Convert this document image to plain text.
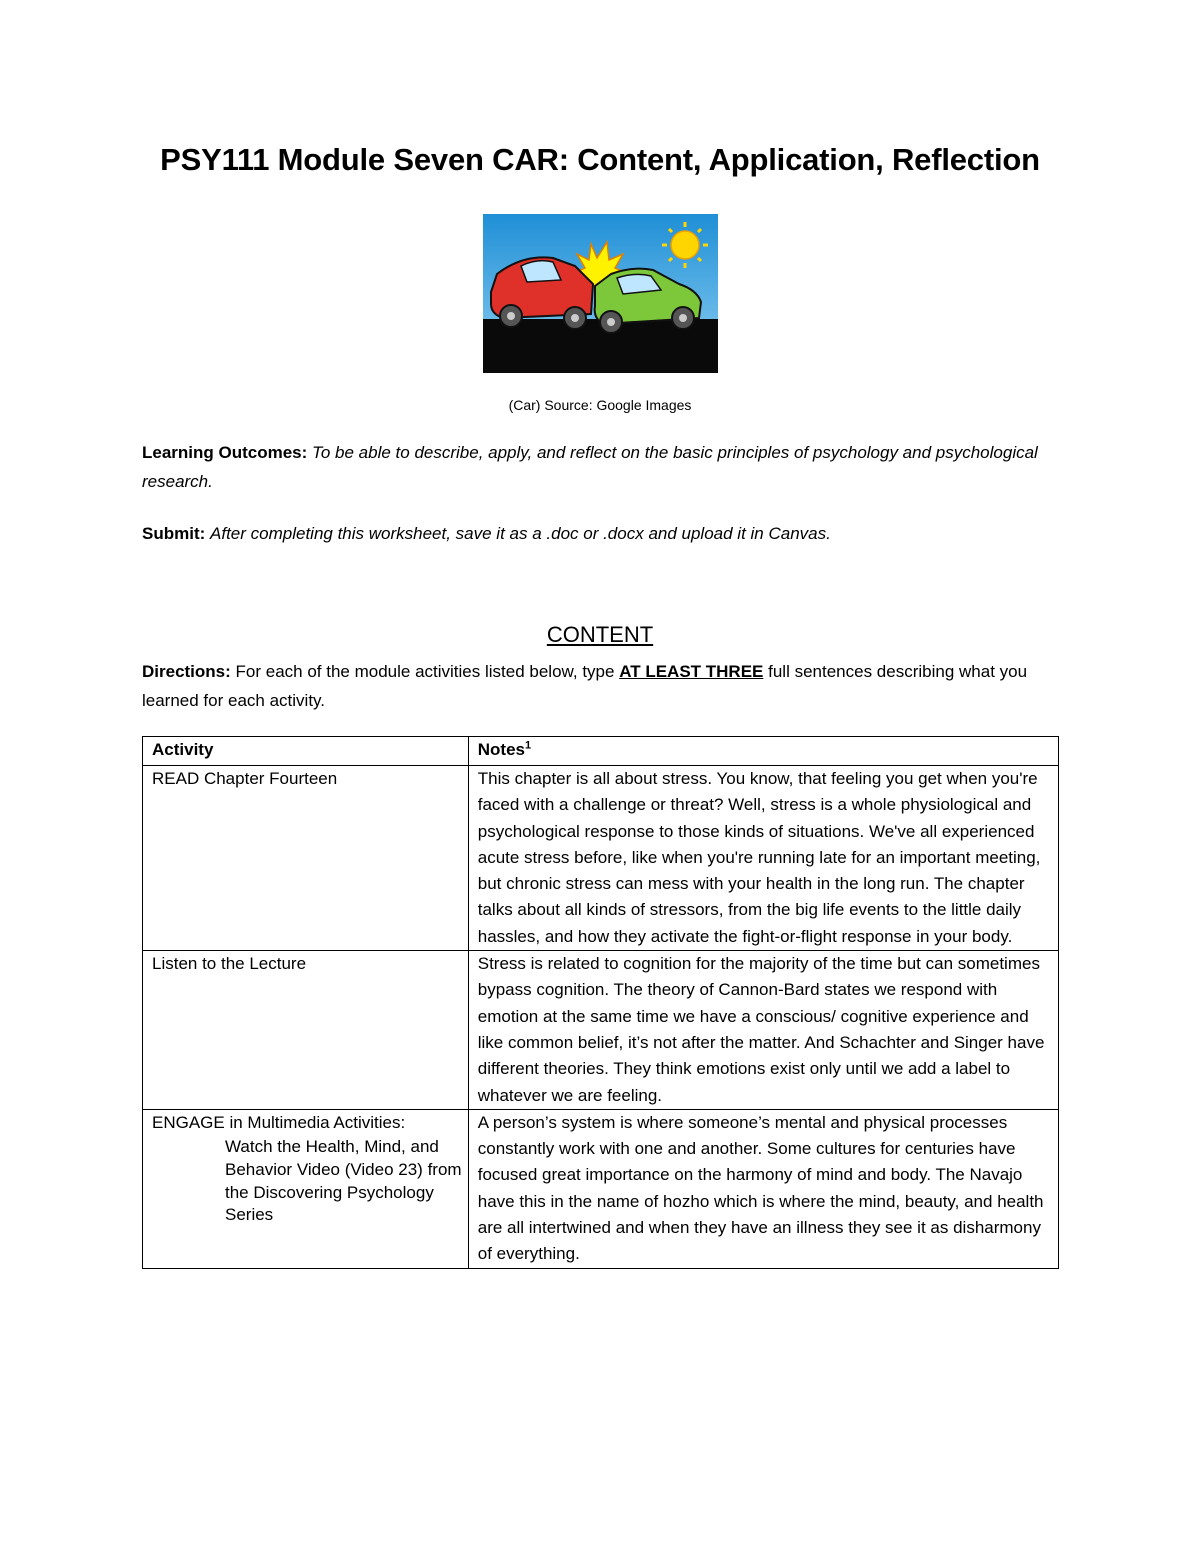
PSY111 Module Seven CAR: Content, Application, Reflection
(Car) Source: Google Images
Learning Outcomes: To be able to describe, apply, and reflect on the basic principles of psychology and psychological research.
Submit: After completing this worksheet, save it as a .doc or .docx and upload it in Canvas.
CONTENT
Directions: For each of the module activities listed below, type AT LEAST THREE full sentences describing what you learned for each activity.
Activity	Notes$^1$
READ Chapter Fourteen	This chapter is all about stress. You know, that feeling you get when you're faced with a challenge or threat? Well, stress is a whole physiological and psychological response to those kinds of situations. We've all experienced acute stress before, like when you're running late for an important meeting, but chronic stress can mess with your health in the long run. The chapter talks about all kinds of stressors, from the big life events to the little daily hassles, and how they activate the fight-or-flight response in your body.
Listen to the Lecture	Stress is related to cognition for the majority of the time but can sometimes bypass cognition. The theory of Cannon-Bard states we respond with emotion at the same time we have a conscious/ cognitive experience and like common belief, it’s not after the matter. And Schachter and Singer have different theories. They think emotions exist only until we add a label to whatever we are feeling.

ENGAGE in Multimedia Activities:
Watch the Health, Mind, and Behavior Video (Video 23) from the Discovering Psychology Series	A person’s system is where someone’s mental and physical processes constantly work with one and another. Some cultures for centuries have focused great importance on the harmony of mind and body. The Navajo have this in the name of hozho which is where the mind, beauty, and health are all intertwined and when they have an illness they see it as disharmony of everything.
